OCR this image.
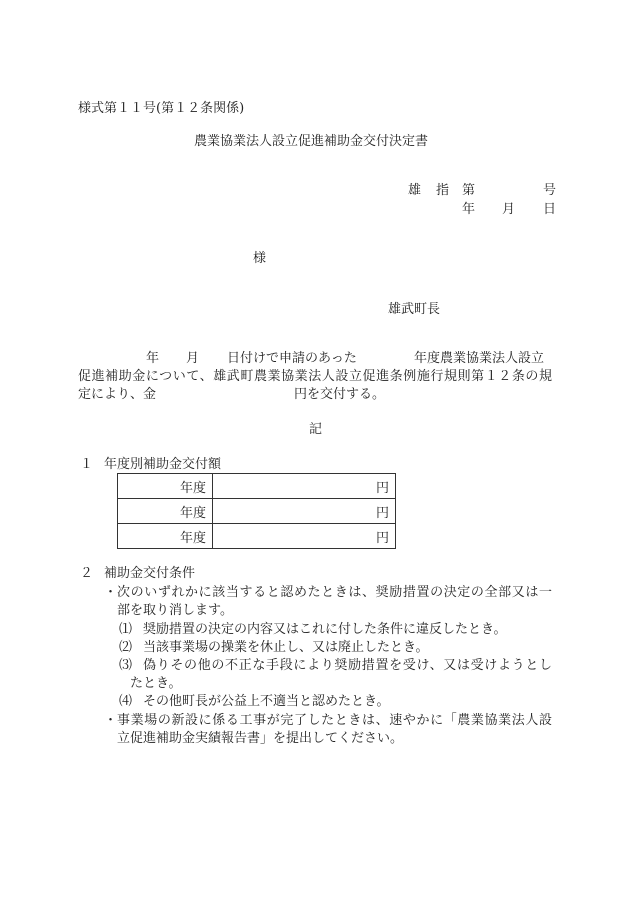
様式第１１号(第１２条関係)
農業協業法人設立促進補助金交付決定書
雄 指 第	号
年 月 日
様
雄武町長
年 月 日付けで申請のあった	年度農業協業法人設立
促進補助金について、雄武町農業協業法人設立促進条例施行規則第１２条の規
定により、金	円を交付する。
記
１ 年度別補助金交付額
年度	円
年度	円
年度	円
２ 補助金交付条件
・ 次のいずれかに該当すると認めたときは、奨励措置の決定の全部又は一
部を取り消します。
⑴ 奨励措置の決定の内容又はこれに付した条件に違反したとき。
⑵ 当該事業場の操業を休止し、又は廃止したとき。
⑶ 偽りその他の不正な手段により奨励措置を受け、又は受けようとし
たとき。
⑷ その他町長が公益上不適当と認めたとき。
・ 事業場の新設に係る工事が完了したときは、速やかに「農業協業法人設
立促進補助金実績報告書」を提出してください。
